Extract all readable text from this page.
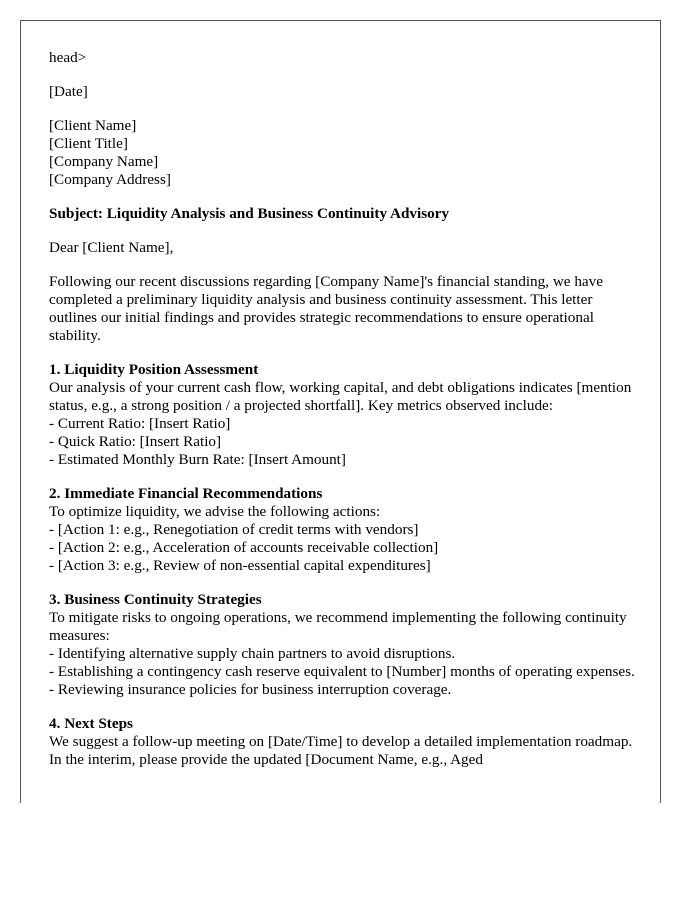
head>

[Date]

[Client Name]
[Client Title]
[Company Name]
[Company Address]

Subject: Liquidity Analysis and Business Continuity Advisory

Dear [Client Name],

Following our recent discussions regarding [Company Name]'s financial standing, we have completed a preliminary liquidity analysis and business continuity assessment. This letter outlines our initial findings and provides strategic recommendations to ensure operational stability.

1. Liquidity Position Assessment
Our analysis of your current cash flow, working capital, and debt obligations indicates [mention status, e.g., a strong position / a projected shortfall]. Key metrics observed include:
- Current Ratio: [Insert Ratio]
- Quick Ratio: [Insert Ratio]
- Estimated Monthly Burn Rate: [Insert Amount]
2. Immediate Financial Recommendations
To optimize liquidity, we advise the following actions:
- [Action 1: e.g., Renegotiation of credit terms with vendors]
- [Action 2: e.g., Acceleration of accounts receivable collection]
- [Action 3: e.g., Review of non-essential capital expenditures]
3. Business Continuity Strategies
To mitigate risks to ongoing operations, we recommend implementing the following continuity measures:
- Identifying alternative supply chain partners to avoid disruptions.
- Establishing a contingency cash reserve equivalent to [Number] months of operating expenses.
- Reviewing insurance policies for business interruption coverage.
4. Next Steps
We suggest a follow-up meeting on [Date/Time] to develop a detailed implementation roadmap. In the interim, please provide the updated [Document Name, e.g., Aged
